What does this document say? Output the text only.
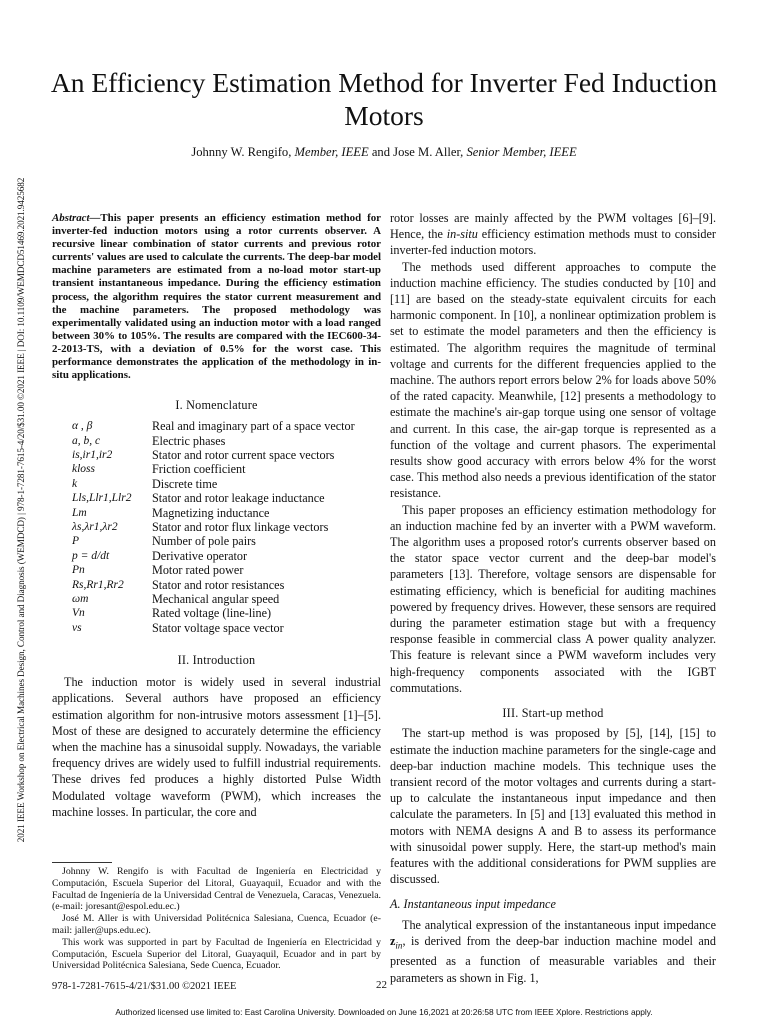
2021 IEEE Workshop on Electrical Machines Design, Control and Diagnosis (WEMDCD) | 978-1-7281-7615-4/20/$31.00 ©2021 IEEE | DOI: 10.1109/WEMDCD51469.2021.9425682
An Efficiency Estimation Method for Inverter Fed Induction Motors
Johnny W. Rengifo, Member, IEEE and Jose M. Aller, Senior Member, IEEE
Abstract—This paper presents an efficiency estimation method for inverter-fed induction motors using a rotor currents observer. A recursive linear combination of stator currents and previous rotor currents' values are used to calculate the currents. The deep-bar model machine parameters are estimated from a no-load motor start-up transient instantaneous impedance. During the efficiency estimation process, the algorithm requires the stator current measurement and the machine parameters. The proposed methodology was experimentally validated using an induction motor with a load ranged between 30% to 105%. The results are compared with the IEC600-34-2-2013-TS, with a deviation of 0.5% for the worst case. This performance demonstrates the application of the methodology in in-situ applications.
I. Nomenclature
α , β	Real and imaginary part of a space vector
a, b, c	Electric phases
is,ir1,ir2	Stator and rotor current space vectors
kloss	Friction coefficient
k	Discrete time
Lls,Llr1,Llr2	Stator and rotor leakage inductance
Lm	Magnetizing inductance
λs,λr1,λr2	Stator and rotor flux linkage vectors
P	Number of pole pairs
p = d/dt	Derivative operator
Pn	Motor rated power
Rs,Rr1,Rr2	Stator and rotor resistances
ωm	Mechanical angular speed
Vn	Rated voltage (line-line)
vs	Stator voltage space vector
II. Introduction

The induction motor is widely used in several industrial applications. Several authors have proposed an efficiency estimation algorithm for non-intrusive motors assessment [1]–[5]. Most of these are designed to accurately determine the efficiency when the machine has a sinusoidal supply. Nowadays, the variable frequency drives are widely used to fulfill industrial requirements. These drives fed produces a highly distorted Pulse Width Modulated voltage waveform (PWM), which increases the machine losses. In particular, the core and

Johnny W. Rengifo is with Facultad de Ingeniería en Electricidad y Computación, Escuela Superior del Litoral, Guayaquil, Ecuador and with the Facultad de Ingeniería de la Universidad Central de Venezuela, Caracas, Venezuela. (e-mail: joresant@espol.edu.ec.)

José M. Aller is with Universidad Politécnica Salesiana, Cuenca, Ecuador (e-mail: jaller@ups.edu.ec).

This work was supported in part by Facultad de Ingeniería en Electricidad y Computación, Escuela Superior del Litoral, Guayaquil, Ecuador and in part by Universidad Politécnica Salesiana, Sede Cuenca, Ecuador.

rotor losses are mainly affected by the PWM voltages [6]–[9]. Hence, the in-situ efficiency estimation methods must to consider inverter-fed induction motors.

The methods used different approaches to compute the induction machine efficiency. The studies conducted by [10] and [11] are based on the steady-state equivalent circuits for each harmonic component. In [10], a nonlinear optimization problem is set to estimate the model parameters and then the efficiency is estimated. The algorithm requires the magnitude of terminal voltage and currents for the different frequencies applied to the machine. The authors report errors below 2% for loads above 50% of the rated capacity. Meanwhile, [12] presents a methodology to estimate the machine's air-gap torque using one sensor of voltage and current. In this case, the air-gap torque is represented as a function of the voltage and current phasors. The experimental results show good accuracy with errors below 4% for the worst case. This method also needs a previous identification of the stator resistance.

This paper proposes an efficiency estimation methodology for an induction machine fed by an inverter with a PWM waveform. The algorithm uses a proposed rotor's currents observer based on the stator space vector current and the deep-bar model's parameters [13]. Therefore, voltage sensors are dispensable for estimating efficiency, which is beneficial for auditing machines powered by frequency drives. However, these sensors are required during the parameter estimation stage but with a frequency response feasible in commercial class A power quality analyzer. This feature is relevant since a PWM waveform includes very high-frequency components associated with the IGBT commutations.

III. Start-up method

The start-up method is was proposed by [5], [14], [15] to estimate the induction machine parameters for the single-cage and deep-bar induction machine models. This technique uses the transient record of the motor voltages and currents during a start-up to calculate the instantaneous input impedance and then calculate the parameters. In [5] and [13] evaluated this method in motors with NEMA designs A and B to assess its performance with sinusoidal power supply. Here, the start-up method's main features with the additional considerations for PWM supplies are discussed.

A. Instantaneous input impedance

The analytical expression of the instantaneous input impedance $z_{in}$, is derived from the deep-bar induction machine model and presented as a function of measurable variables and their parameters as shown in Fig. 1,

978-1-7281-7615-4/21/$31.00 ©2021 IEEE	22
Authorized licensed use limited to: East Carolina University. Downloaded on June 16,2021 at 20:26:58 UTC from IEEE Xplore. Restrictions apply.
